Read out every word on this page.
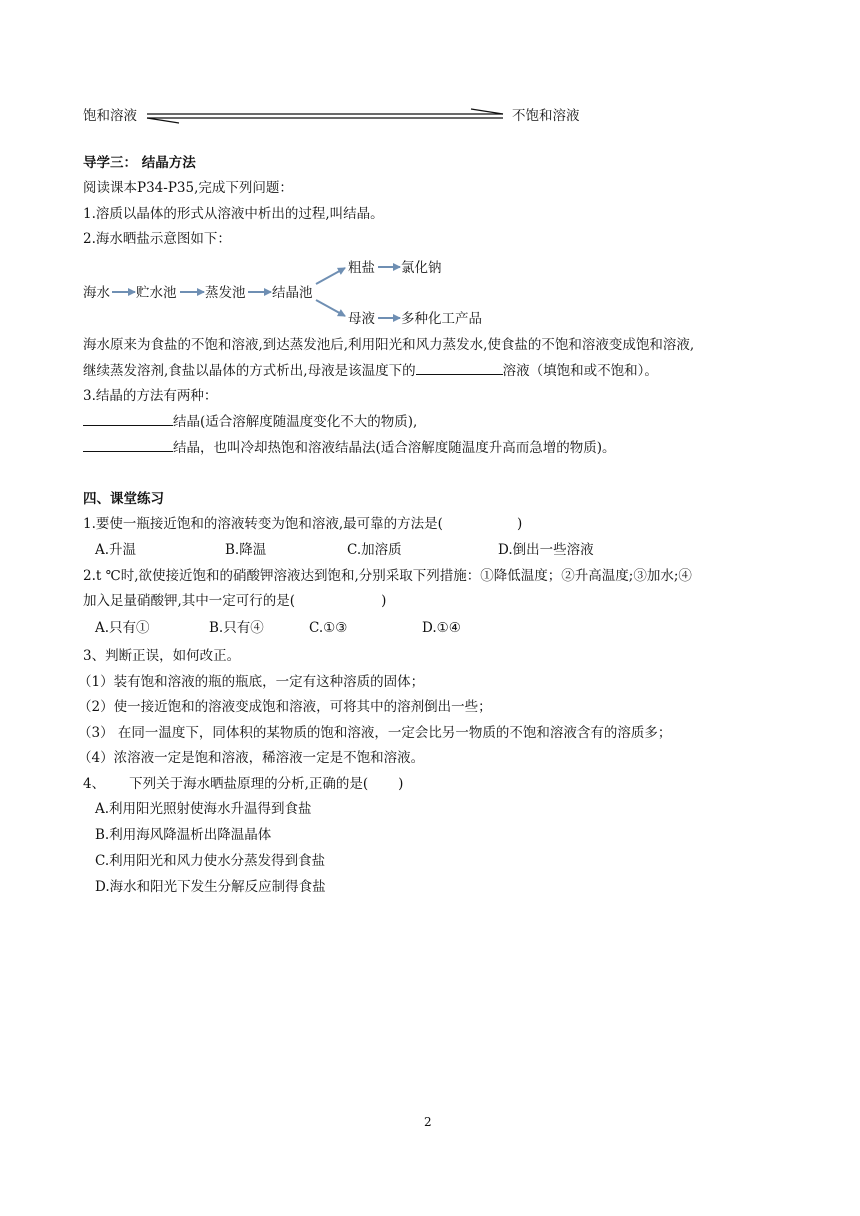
饱和溶液	不饱和溶液
导学三： 结晶方法
阅读课本P34-P35,完成下列问题：
1.溶质以晶体的形式从溶液中析出的过程,叫结晶。
2.海水晒盐示意图如下：
海水 贮水池 蒸发池 结晶池
粗盐 氯化钠
母液 多种化工产品
海水原来为食盐的不饱和溶液,到达蒸发池后,利用阳光和风力蒸发水,使食盐的不饱和溶液变成饱和溶液,
继续蒸发溶剂,食盐以晶体的方式析出,母液是该温度下的	溶液（填饱和或不饱和）。
3.结晶的方法有两种：
结晶(适合溶解度随温度变化不大的物质),
结晶，也叫冷却热饱和溶液结晶法(适合溶解度随温度升高而急增的物质)。
四、课堂练习
1.要使一瓶接近饱和的溶液转变为饱和溶液,最可靠的方法是(	)
A.升温	B.降温	C.加溶质	D.倒出一些溶液
2.t ℃时,欲使接近饱和的硝酸钾溶液达到饱和,分别采取下列措施：①降低温度；②升高温度;③加水;④
加入足量硝酸钾,其中一定可行的是(	)
A.只有①	B.只有④	C.①③	D.①④
3、判断正误，如何改正。
（1）装有饱和溶液的瓶的瓶底，一定有这种溶质的固体；
（2）使一接近饱和的溶液变成饱和溶液，可将其中的溶剂倒出一些；
（3） 在同一温度下，同体积的某物质的饱和溶液，一定会比另一物质的不饱和溶液含有的溶质多；
（4）浓溶液一定是饱和溶液，稀溶液一定是不饱和溶液。
4、 下列关于海水晒盐原理的分析,正确的是( )
A.利用阳光照射使海水升温得到食盐
B.利用海风降温析出降温晶体
C.利用阳光和风力使水分蒸发得到食盐
D.海水和阳光下发生分解反应制得食盐
2
